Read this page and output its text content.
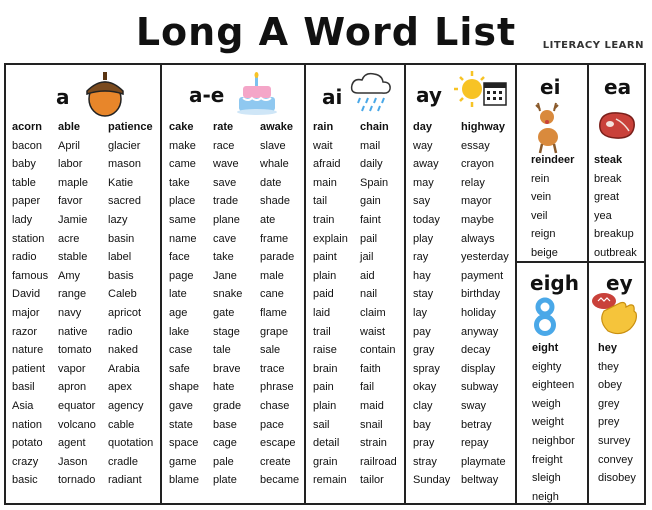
Long A Word List	LITERACY LEARN
a	a-e	ai	ay	ei ea
eigh ey
acorn
bacon
baby
table
paper
lady
station
radio
famous
David
major
razor
nature
patient
basil
Asia
nation
potato
crazy
basic
able
April
labor
maple
favor
Jamie
acre
stable
Amy
range
navy
native
tomato
vapor
apron
equator
volcano
agent
Jason
tornado
patience
glacier
mason
Katie
sacred
lazy
basin
label
basis
Caleb
apricot
radio
naked
Arabia
apex
agency
cable
quotation
cradle
radiant
cake
make
came
take
place
same
name
face
page
late
age
lake
case
safe
shape
gave
state
space
game
blame
rate
race
wave
save
trade
plane
cave
take
Jane
snake
gate
stage
tale
brave
hate
grade
base
cage
pale
plate
awake
slave
whale
date
shade
ate
frame
parade
male
cane
flame
grape
sale
trace
phrase
chase
pace
escape
create
became
rain
wait
afraid
main
tail
train
explain
paint
plain
paid
laid
trail
raise
brain
pain
plain
sail
detail
grain
remain
chain
mail
daily
Spain
gain
faint
pail
jail
aid
nail
claim
waist
contain
faith
fail
maid
snail
strain
railroad
tailor
day
way
away
may
say
today
play
ray
hay
stay
lay
pay
gray
spray
okay
clay
bay
pray
stray
Sunday
highway
essay
crayon
relay
mayor
maybe
always
yesterday
payment
birthday
holiday
anyway
decay
display
subway
sway
betray
repay
playmate
beltway
reindeer
rein
vein
veil
reign
beige
steak
break
great
yea
breakup
outbreak
eight
eighty
eighteen
weigh
weight
neighbor
freight
sleigh
neigh
hey
they
obey
grey
prey
survey
convey
disobey
